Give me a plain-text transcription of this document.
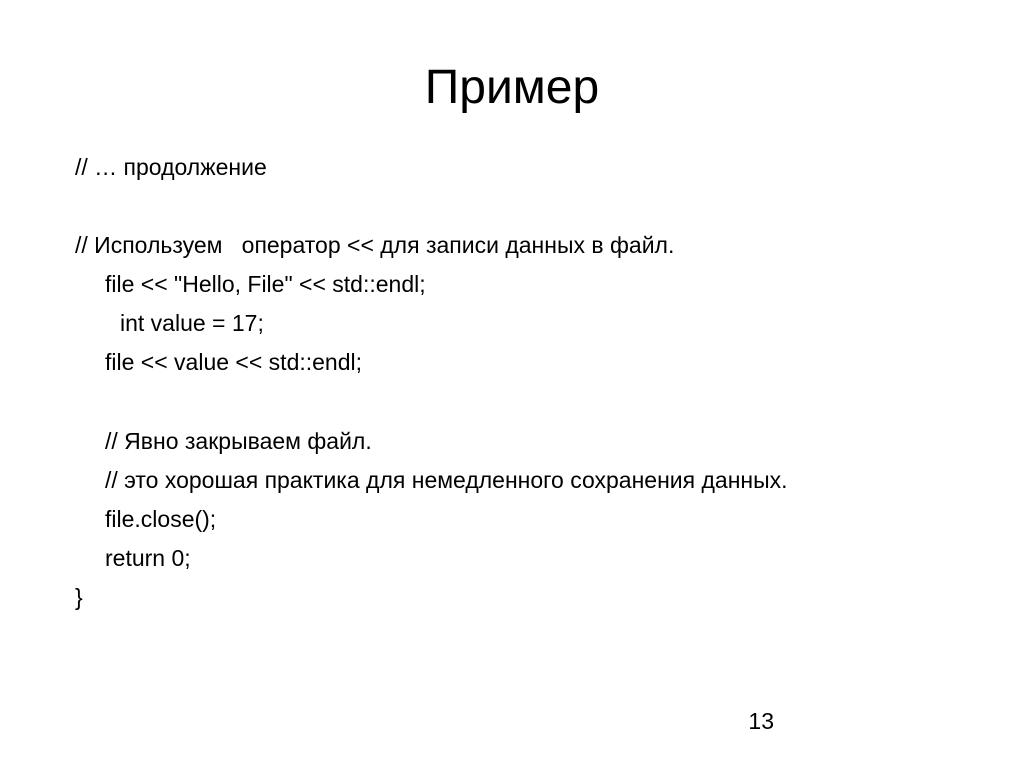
Пример
// … продолжение
// Используем   оператор << для записи данных в файл.
file << "Hello, File" << std::endl;
int value = 17;
file << value << std::endl;
// Явно закрываем файл.
// это хорошая практика для немедленного сохранения данных.
file.close();
return 0;
}
13
